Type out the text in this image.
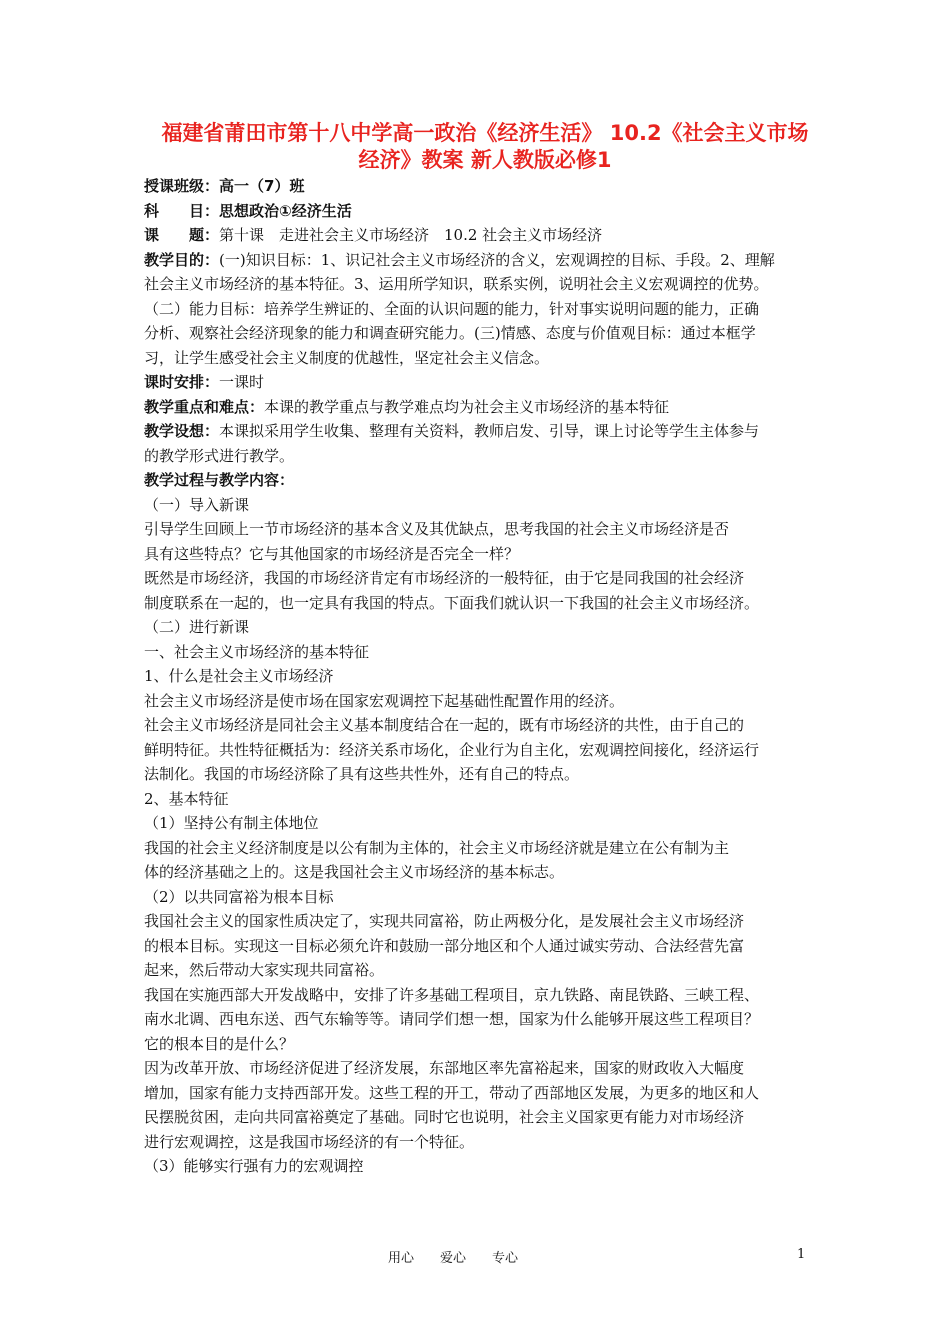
福建省莆田市第十八中学高一政治《经济生活》 10.2《社会主义市场
经济》教案 新人教版必修1
授课班级：高一（7）班
科　　目：思想政治①经济生活
课　　题：第十课　走进社会主义市场经济　10.2 社会主义市场经济
教学目的：(一)知识目标：1、识记社会主义市场经济的含义，宏观调控的目标、手段。2、理解
社会主义市场经济的基本特征。3、运用所学知识，联系实例，说明社会主义宏观调控的优势。
（二）能力目标：培养学生辨证的、全面的认识问题的能力，针对事实说明问题的能力，正确
分析、观察社会经济现象的能力和调查研究能力。(三)情感、态度与价值观目标：通过本框学
习，让学生感受社会主义制度的优越性，坚定社会主义信念。
课时安排：一课时
教学重点和难点：本课的教学重点与教学难点均为社会主义市场经济的基本特征
教学设想：本课拟采用学生收集、整理有关资料，教师启发、引导，课上讨论等学生主体参与
的教学形式进行教学。
教学过程与教学内容：
（一）导入新课
引导学生回顾上一节市场经济的基本含义及其优缺点，思考我国的社会主义市场经济是否
具有这些特点？它与其他国家的市场经济是否完全一样？
既然是市场经济，我国的市场经济肯定有市场经济的一般特征，由于它是同我国的社会经济
制度联系在一起的，也一定具有我国的特点。下面我们就认识一下我国的社会主义市场经济。
（二）进行新课
一、社会主义市场经济的基本特征
1、什么是社会主义市场经济
社会主义市场经济是使市场在国家宏观调控下起基础性配置作用的经济。
社会主义市场经济是同社会主义基本制度结合在一起的，既有市场经济的共性，由于自己的
鲜明特征。共性特征概括为：经济关系市场化，企业行为自主化，宏观调控间接化，经济运行
法制化。我国的市场经济除了具有这些共性外，还有自己的特点。
2、基本特征
（1）坚持公有制主体地位
我国的社会主义经济制度是以公有制为主体的，社会主义市场经济就是建立在公有制为主
体的经济基础之上的。这是我国社会主义市场经济的基本标志。
（2）以共同富裕为根本目标
我国社会主义的国家性质决定了，实现共同富裕，防止两极分化，是发展社会主义市场经济
的根本目标。实现这一目标必须允许和鼓励一部分地区和个人通过诚实劳动、合法经营先富
起来，然后带动大家实现共同富裕。
我国在实施西部大开发战略中，安排了许多基础工程项目，京九铁路、南昆铁路、三峡工程、
南水北调、西电东送、西气东输等等。请同学们想一想，国家为什么能够开展这些工程项目？
它的根本目的是什么？
因为改革开放、市场经济促进了经济发展，东部地区率先富裕起来，国家的财政收入大幅度
增加，国家有能力支持西部开发。这些工程的开工，带动了西部地区发展，为更多的地区和人
民摆脱贫困，走向共同富裕奠定了基础。同时它也说明，社会主义国家更有能力对市场经济
进行宏观调控，这是我国市场经济的有一个特征。
（3）能够实行强有力的宏观调控
用心　　爱心　　专心	1
